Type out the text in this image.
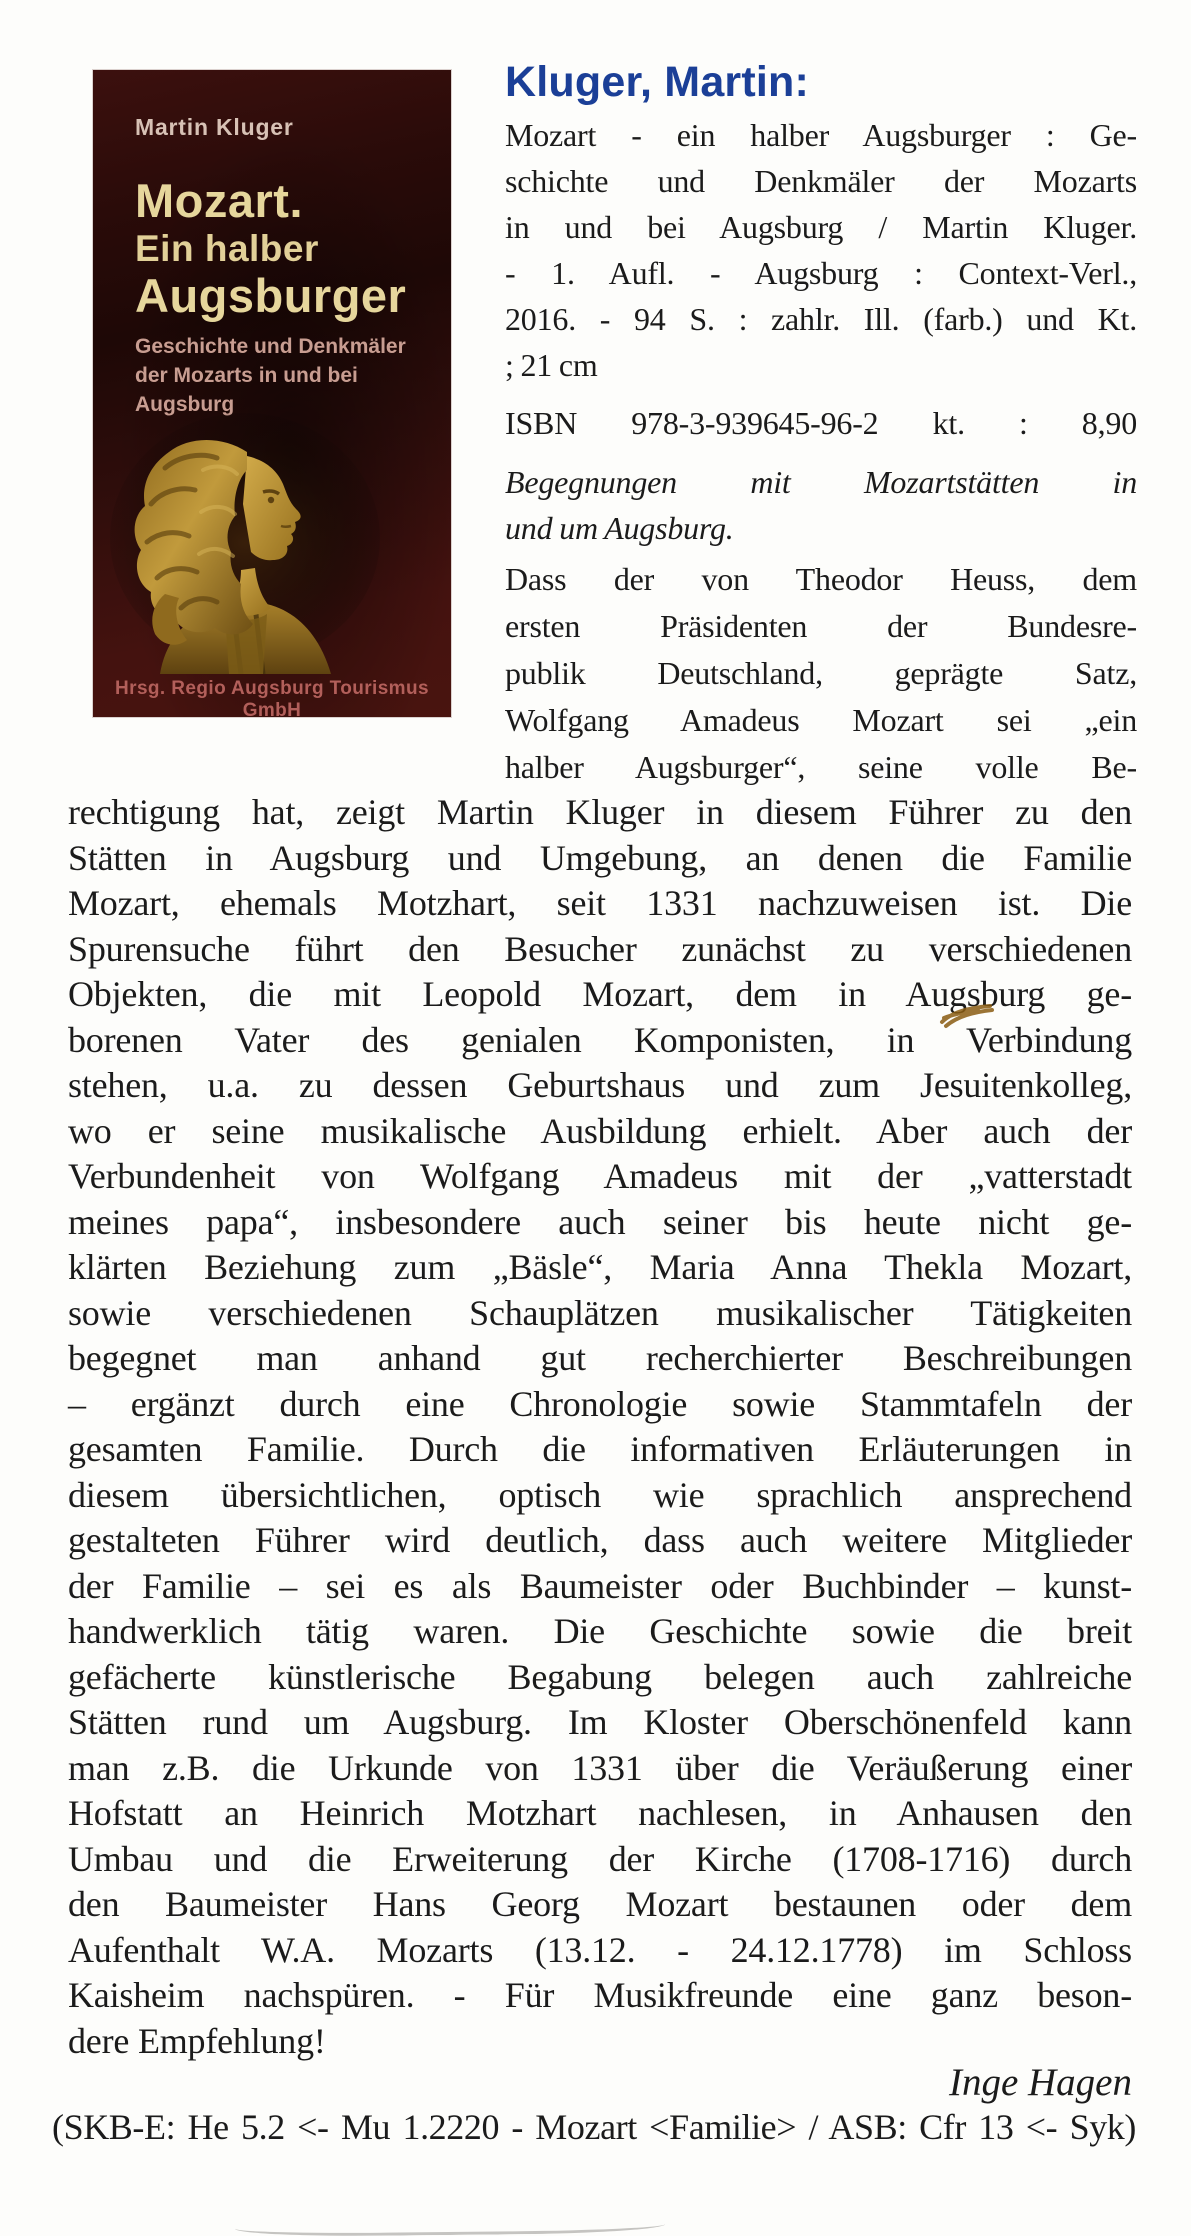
Martin Kluger
Mozart.
Ein halber
Augsburger
Geschichte und Denkmäler
der Mozarts in und bei Augsburg
Hrsg. Regio Augsburg Tourismus GmbH
Kluger, Martin:
Mozart - ein halber Augsburger : Ge-
schichte und Denkmäler der Mozarts
in und bei Augsburg / Martin Kluger.
- 1. Aufl. - Augsburg : Context-Verl.,
2016. - 94 S. : zahlr. Ill. (farb.) und Kt.
; 21 cm
ISBN 978-3-939645-96-2 kt. : 8,90
Begegnungen mit Mozartstätten in
und um Augsburg.
Dass der von Theodor Heuss, dem
ersten Präsidenten der Bundesre-
publik Deutschland, geprägte Satz,
Wolfgang Amadeus Mozart sei „ein
halber Augsburger“, seine volle Be-
rechtigung hat, zeigt Martin Kluger in diesem Führer zu den
Stätten in Augsburg und Umgebung, an denen die Familie
Mozart, ehemals Motzhart, seit 1331 nachzuweisen ist. Die
Spurensuche führt den Besucher zunächst zu verschiedenen
Objekten, die mit Leopold Mozart, dem in Augsburg ge-
borenen Vater des genialen Komponisten, in Verbindung
stehen, u.a. zu dessen Geburtshaus und zum Jesuitenkolleg,
wo er seine musikalische Ausbildung erhielt. Aber auch der
Verbundenheit von Wolfgang Amadeus mit der „vatterstadt
meines papa“, insbesondere auch seiner bis heute nicht ge-
klärten Beziehung zum „Bäsle“, Maria Anna Thekla Mozart,
sowie verschiedenen Schauplätzen musikalischer Tätigkeiten
begegnet man anhand gut recherchierter Beschreibungen
– ergänzt durch eine Chronologie sowie Stammtafeln der
gesamten Familie. Durch die informativen Erläuterungen in
diesem übersichtlichen, optisch wie sprachlich ansprechend
gestalteten Führer wird deutlich, dass auch weitere Mitglieder
der Familie – sei es als Baumeister oder Buchbinder – kunst-
handwerklich tätig waren. Die Geschichte sowie die breit
gefächerte künstlerische Begabung belegen auch zahlreiche
Stätten rund um Augsburg. Im Kloster Oberschönenfeld kann
man z.B. die Urkunde von 1331 über die Veräußerung einer
Hofstatt an Heinrich Motzhart nachlesen, in Anhausen den
Umbau und die Erweiterung der Kirche (1708-1716) durch
den Baumeister Hans Georg Mozart bestaunen oder dem
Aufenthalt W.A. Mozarts (13.12. - 24.12.1778) im Schloss
Kaisheim nachspüren. - Für Musikfreunde eine ganz beson-
dere Empfehlung!
Inge Hagen
(SKB-E: He 5.2 <- Mu 1.2220 - Mozart <Familie> / ASB: Cfr 13 <- Syk)
